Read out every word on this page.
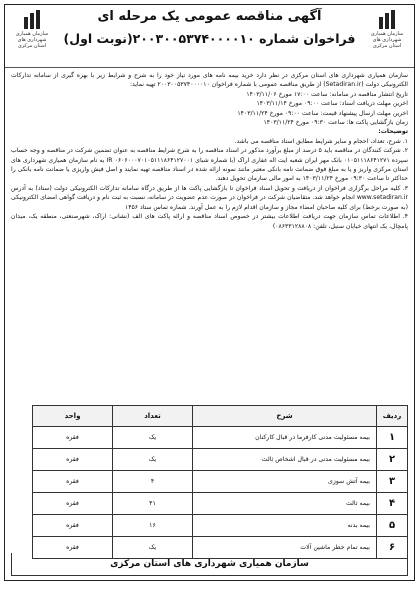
سازمان همیاری
شهرداری های
استان مرکزی
آگهی مناقصه عمومی یک مرحله ای
فراخوان شماره ۲۰۰۳۰۰۵۳۷۴۰۰۰۰۱۰(نوبت اول)
سازمان همیاری
شهرداری های
استان مرکزی

سازمان همیاری شهرداری های استان مرکزی در نظر دارد خرید بیمه نامه های مورد نیاز خود را به شرح و شرایط زیر با بهره گیری از سامانه تدارکات الکترونیکی دولت (Setadiran.ir) از طریق مناقصه عمومی با شماره فراخوان ۲۰۰۳۰۰۵۳۷۴۰۰۰۰۱۰ تهیه نماید:

تاریخ انتشار مناقصه در سامانه: ساعت ۱۷:۰۰ مورخ ۱۴۰۳/۱۱/۰۶

اخرین مهلت دریافت اسناد: ساعت ۰۹:۰۰ مورخ ۱۴۰۳/۱۱/۱۴

اخرین مهلت ارسال پیشنهاد قیمت: ساعت ۰۹:۰۰ مورخ ۱۴۰۳/۱۱/۲۴

زمان بازگشایی پاکت ها: ساعت ۰۹:۳۰ مورخ ۱۴۰۳/۱۱/۲۴

توضیحات:

۱. شرح، تعداد، احجام و سایر شرایط مطابق اسناد مناقصه می باشد.

۲. شرکت کنندگان در مناقصه باید ۵ درصد از مبلغ برآورد مذکور در اسناد مناقصه را به شرح شرایط مناقصه به عنوان تضمین شرکت در مناقصه و وجه حساب سپرده ۰۱۰۵۱۱۱۸۶۴۱۲۷۱ بانک مهر ایران شعبه ایت اله غفاری اراک (با شماره شبای IR ۰۶۰۶۰۰۰۷۰۱۰۵۱۱۱۸۶۴۱۲۷۰۰۱ به نام سازمان همیاری شهرداری های استان مرکزی واریز و یا به مبلغ فوق ضمانت نامه بانکی معتبر مانند نمونه ارائه شده در اسناد مناقصه تهیه نمایند و اصل فیش واریزی یا ضمانت نامه بانکی را حداکثر تا ساعت ۰۹:۳۰ مورخ ۱۴۰۳/۱۱/۲۴ به امور مالی سازمان تحویل دهند.

۳. کلیه مراحل برگزاری فراخوان از دریافت و تحویل اسناد فراخوان تا بازگشایی پاکت ها از طریق درگاه سامانه تدارکات الکترونیکی دولت (ستاد) به آدرس www.setadiran.ir انجام خواهد شد. متقاضیان شرکت در فراخوان در صورت عدم عضویت در سامانه، نسبت به ثبت نام و دریافت گواهی امضای الکترونیکی (به صورت برخط) برای کلیه صاحبان امضاء مجاز و سازمان اقدام لازم را به عمل آورند. شماره تماس ستاد ۱۴۵۶

۴. اطلاعات تماس سازمان جهت دریافت اطلاعات بیشتر در خصوص اسناد مناقصه و ارائه پاکت های الف (نشانی: اراک، شهرصنعتی، منطقه یک، میدان پامچال، یک انتهای خیابان سنبل، تلفن: ۰۸۶۳۳۱۲۸۸۰۸)

ردیف	شرح	تعداد	واحد
۱	بیمه مسئولیت مدنی کارفرما در قبال کارکنان	یک	فقره
۲	بیمه مسئولیت مدنی در قبال اشخاص ثالث	یک	فقره
۳	بیمه آتش سوزی	۴	فقره
۴	بیمه ثالث	۴۱	فقره
۵	بیمه بدنه	۱۶	فقره
۶	بیمه تمام خطر ماشین آلات	یک	فقره
سازمان همیاری شهرداری های استان مرکزی
